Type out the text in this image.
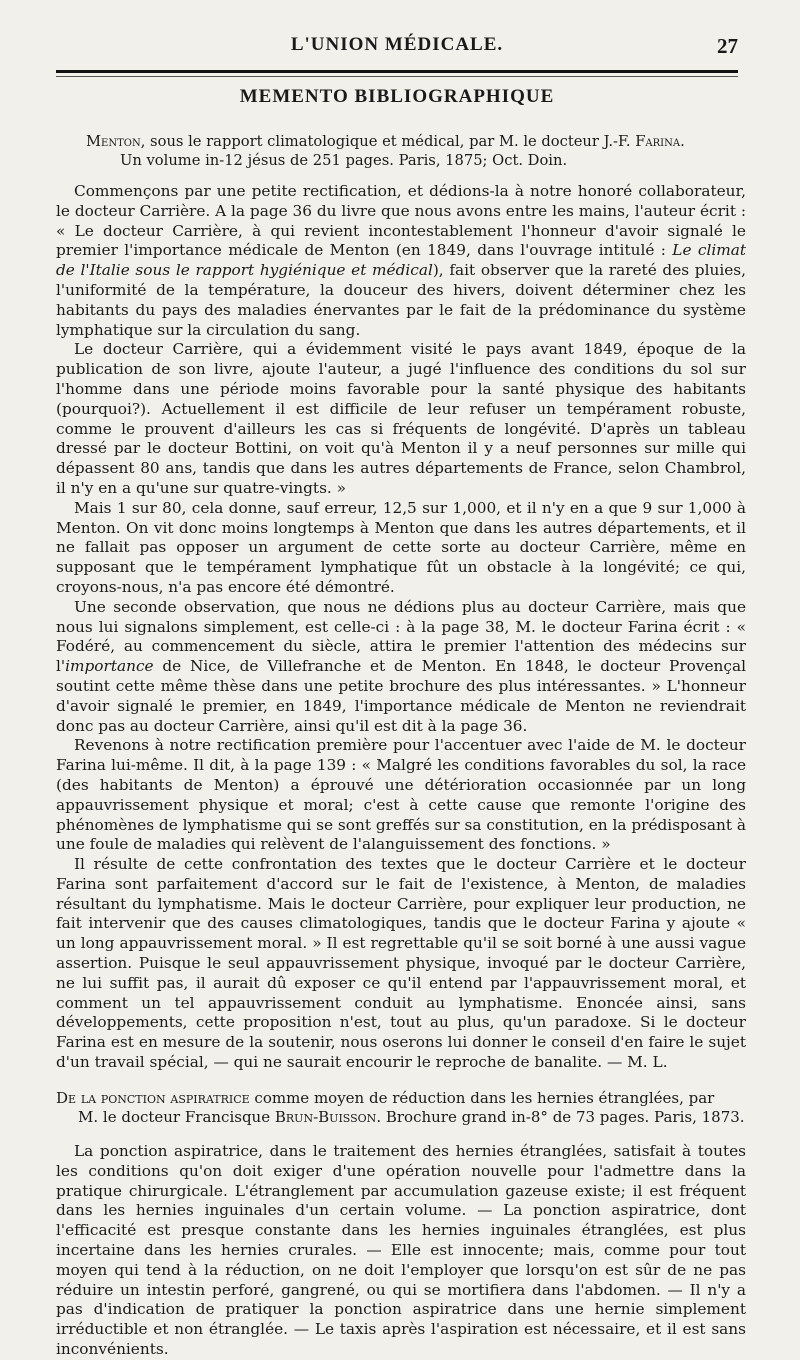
L'UNION MÉDICALE.	27
MEMENTO BIBLIOGRAPHIQUE

Menton, sous le rapport climatologique et médical, par M. le docteur J.-F. Farina.

Un volume in-12 jésus de 251 pages. Paris, 1875; Oct. Doin.

Commençons par une petite rectification, et dédions-la à notre honoré collaborateur, le docteur Carrière. A la page 36 du livre que nous avons entre les mains, l'auteur écrit : « Le docteur Carrière, à qui revient incontestablement l'honneur d'avoir signalé le premier l'importance médicale de Menton (en 1849, dans l'ouvrage intitulé : Le climat de l'Italie sous le rapport hygiénique et médical), fait observer que la rareté des pluies, l'uniformité de la température, la douceur des hivers, doivent déterminer chez les habitants du pays des maladies énervantes par le fait de la prédominance du système lymphatique sur la circulation du sang.

Le docteur Carrière, qui a évidemment visité le pays avant 1849, époque de la publication de son livre, ajoute l'auteur, a jugé l'influence des conditions du sol sur l'homme dans une période moins favorable pour la santé physique des habitants (pourquoi?). Actuellement il est difficile de leur refuser un tempérament robuste, comme le prouvent d'ailleurs les cas si fréquents de longévité. D'après un tableau dressé par le docteur Bottini, on voit qu'à Menton il y a neuf personnes sur mille qui dépassent 80 ans, tandis que dans les autres départements de France, selon Chambrol, il n'y en a qu'une sur quatre-vingts. »

Mais 1 sur 80, cela donne, sauf erreur, 12,5 sur 1,000, et il n'y en a que 9 sur 1,000 à Menton. On vit donc moins longtemps à Menton que dans les autres départements, et il ne fallait pas opposer un argument de cette sorte au docteur Carrière, même en supposant que le tempérament lymphatique fût un obstacle à la longévité; ce qui, croyons-nous, n'a pas encore été démontré.

Une seconde observation, que nous ne dédions plus au docteur Carrière, mais que nous lui signalons simplement, est celle-ci : à la page 38, M. le docteur Farina écrit : « Fodéré, au commencement du siècle, attira le premier l'attention des médecins sur l'importance de Nice, de Villefranche et de Menton. En 1848, le docteur Provençal soutint cette même thèse dans une petite brochure des plus intéressantes. » L'honneur d'avoir signalé le premier, en 1849, l'importance médicale de Menton ne reviendrait donc pas au docteur Carrière, ainsi qu'il est dit à la page 36.

Revenons à notre rectification première pour l'accentuer avec l'aide de M. le docteur Farina lui-même. Il dit, à la page 139 : « Malgré les conditions favorables du sol, la race (des habitants de Menton) a éprouvé une détérioration occasionnée par un long appauvrissement physique et moral; c'est à cette cause que remonte l'origine des phénomènes de lymphatisme qui se sont greffés sur sa constitution, en la prédisposant à une foule de maladies qui relèvent de l'alanguissement des fonctions. »

Il résulte de cette confrontation des textes que le docteur Carrière et le docteur Farina sont parfaitement d'accord sur le fait de l'existence, à Menton, de maladies résultant du lymphatisme. Mais le docteur Carrière, pour expliquer leur production, ne fait intervenir que des causes climatologiques, tandis que le docteur Farina y ajoute « un long appauvrissement moral. » Il est regrettable qu'il se soit borné à une aussi vague assertion. Puisque le seul appauvrissement physique, invoqué par le docteur Carrière, ne lui suffit pas, il aurait dû exposer ce qu'il entend par l'appauvrissement moral, et comment un tel appauvrissement conduit au lymphatisme. Enoncée ainsi, sans développements, cette proposition n'est, tout au plus, qu'un paradoxe. Si le docteur Farina est en mesure de la soutenir, nous oserons lui donner le conseil d'en faire le sujet d'un travail spécial, — qui ne saurait encourir le reproche de banalite. — M. L.

De la ponction aspiratrice comme moyen de réduction dans les hernies étranglées, par

M. le docteur Francisque Brun-Buisson. Brochure grand in-8° de 73 pages. Paris, 1873.

La ponction aspiratrice, dans le traitement des hernies étranglées, satisfait à toutes les conditions qu'on doit exiger d'une opération nouvelle pour l'admettre dans la pratique chirurgicale. L'étranglement par accumulation gazeuse existe; il est fréquent dans les hernies inguinales d'un certain volume. — La ponction aspiratrice, dont l'efficacité est presque constante dans les hernies inguinales étranglées, est plus incertaine dans les hernies crurales. — Elle est innocente; mais, comme pour tout moyen qui tend à la réduction, on ne doit l'employer que lorsqu'on est sûr de ne pas réduire un intestin perforé, gangrené, ou qui se mortifiera dans l'abdomen. — Il n'y a pas d'indication de pratiquer la ponction aspiratrice dans une hernie simplement irréductible et non étranglée. — Le taxis après l'aspiration est nécessaire, et il est sans inconvénients.
